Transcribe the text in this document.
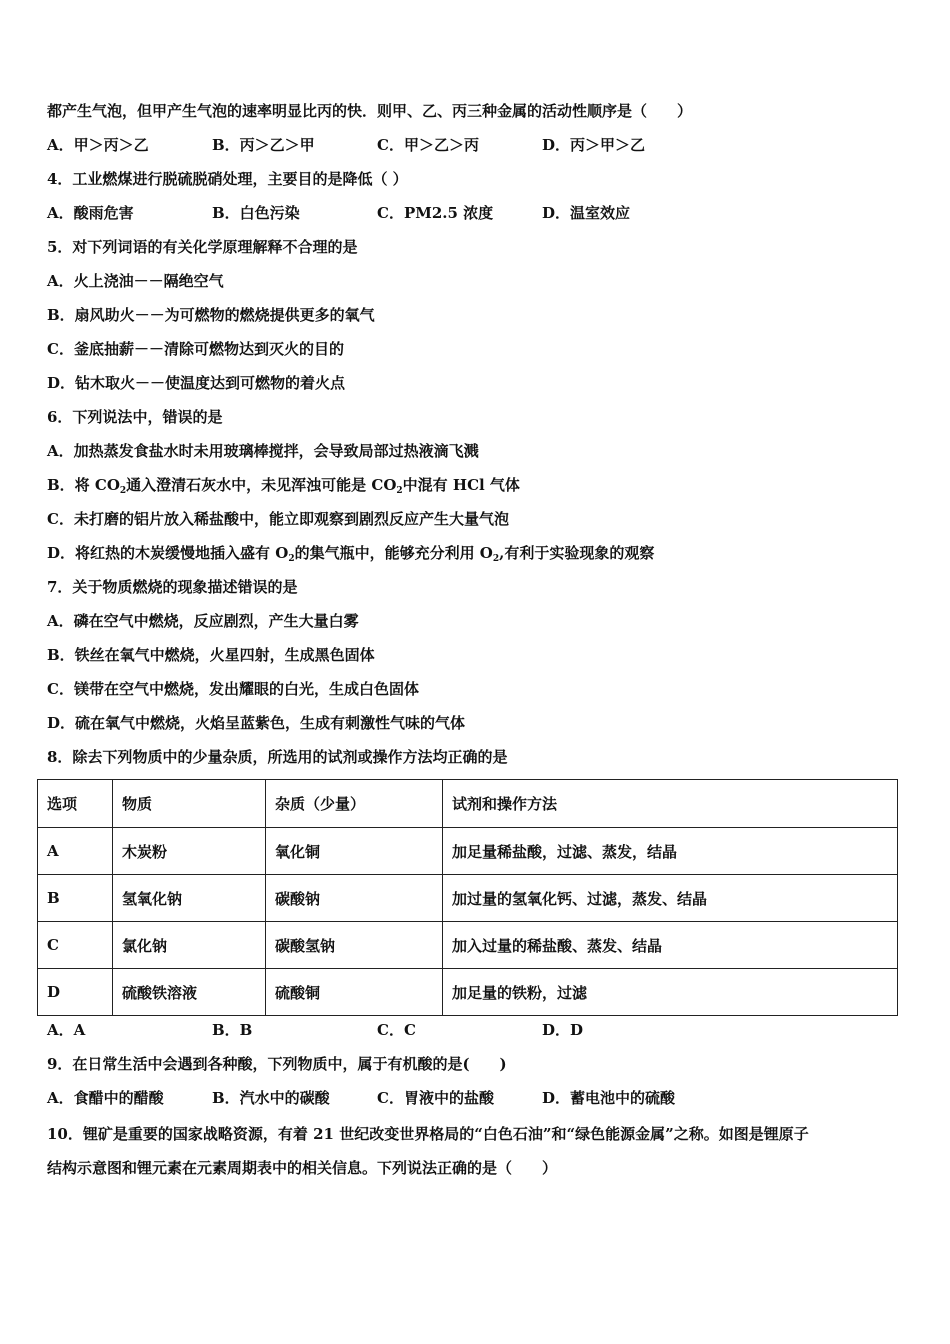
都产生气泡，但甲产生气泡的速率明显比丙的快．则甲、乙、丙三种金属的活动性顺序是（　　）
A．甲＞丙＞乙	B．丙＞乙＞甲	C．甲＞乙＞丙	D．丙＞甲＞乙
4．工业燃煤进行脱硫脱硝处理，主要目的是降低（ ）
A．酸雨危害	B．白色污染	C．PM2.5 浓度	D．温室效应
5．对下列词语的有关化学原理解释不合理的是
A．火上浇油－－隔绝空气
B．扇风助火－－为可燃物的燃烧提供更多的氧气
C．釜底抽薪－－清除可燃物达到灭火的目的
D．钻木取火－－使温度达到可燃物的着火点
6．下列说法中，错误的是
A．加热蒸发食盐水时未用玻璃棒搅拌，会导致局部过热液滴飞溅
B．将 $CO_2$通入澄清石灰水中，未见浑浊可能是 $CO_2$中混有 HCl 气体
C．未打磨的铝片放入稀盐酸中，能立即观察到剧烈反应产生大量气泡
D．将红热的木炭缓慢地插入盛有 $O_2$的集气瓶中，能够充分利用 $O_2$,有利于实验现象的观察
7．关于物质燃烧的现象描述错误的是
A．磷在空气中燃烧，反应剧烈，产生大量白雾
B．铁丝在氧气中燃烧，火星四射，生成黑色固体
C．镁带在空气中燃烧，发出耀眼的白光，生成白色固体
D．硫在氧气中燃烧，火焰呈蓝紫色，生成有刺激性气味的气体
8．除去下列物质中的少量杂质，所选用的试剂或操作方法均正确的是
选项	物质	杂质（少量）	试剂和操作方法
A	木炭粉	氧化铜	加足量稀盐酸，过滤、蒸发，结晶
B	氢氧化钠	碳酸钠	加过量的氢氧化钙、过滤，蒸发、结晶
C	氯化钠	碳酸氢钠	加入过量的稀盐酸、蒸发、结晶
D	硫酸铁溶液	硫酸铜	加足量的铁粉，过滤
A．A	B．B	C．C	D．D
9．在日常生活中会遇到各种酸，下列物质中，属于有机酸的是(　　)
A．食醋中的醋酸	B．汽水中的碳酸	C．胃液中的盐酸	D．蓄电池中的硫酸
10．锂矿是重要的国家战略资源，有着 21 世纪改变世界格局的“白色石油”和“绿色能源金属”之称。如图是锂原子
结构示意图和锂元素在元素周期表中的相关信息。下列说法正确的是（　　）
